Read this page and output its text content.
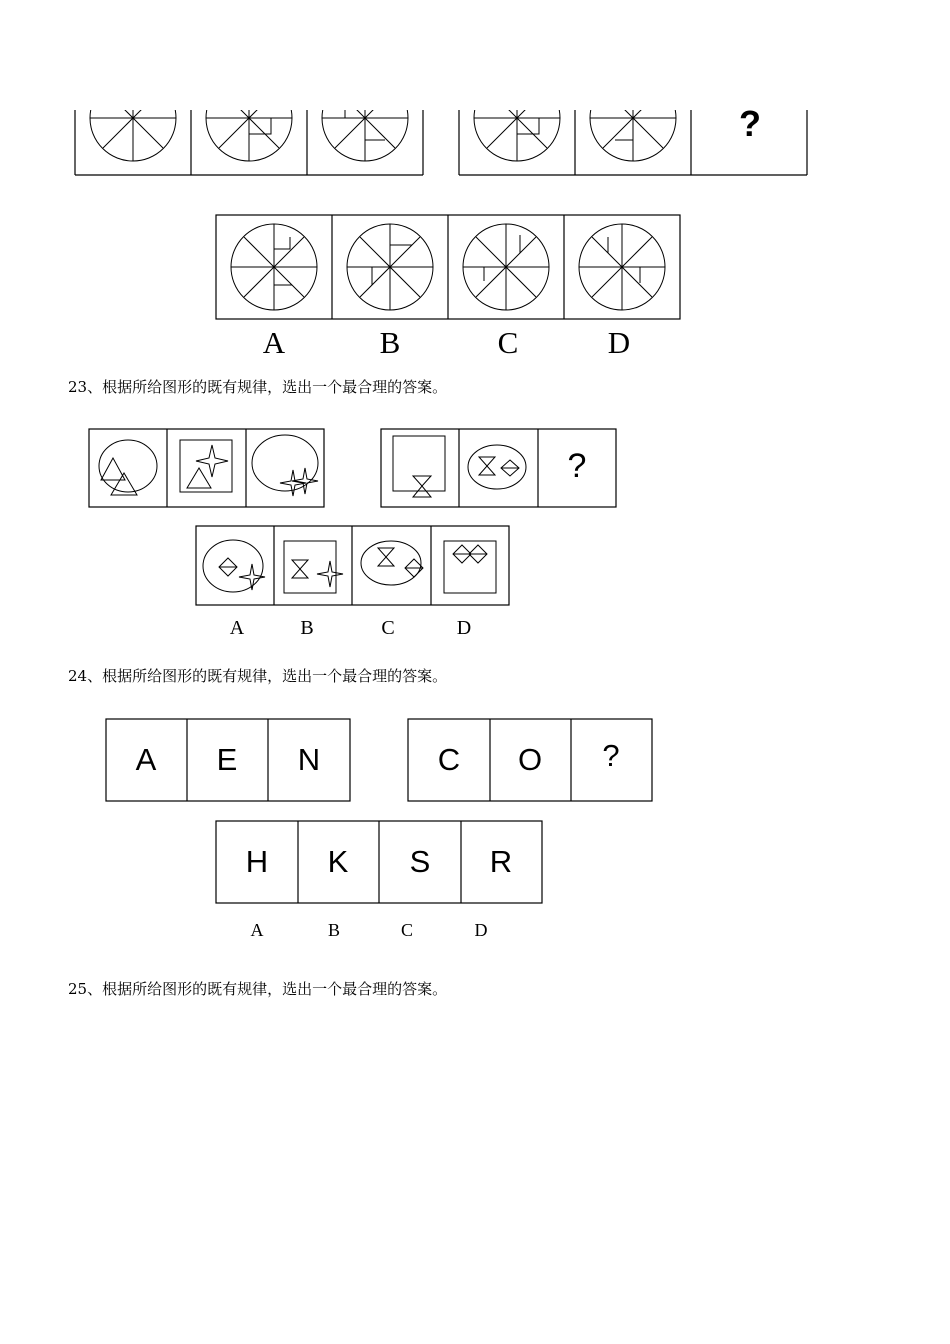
?
A	B	C	D
23、根据所给图形的既有规律，选出一个最合理的答案。
?
A	B	C	D
24、根据所给图形的既有规律，选出一个最合理的答案。
A	E	N	C	O	?
H	K	S	R
A	B	C	D
25、根据所给图形的既有规律，选出一个最合理的答案。
